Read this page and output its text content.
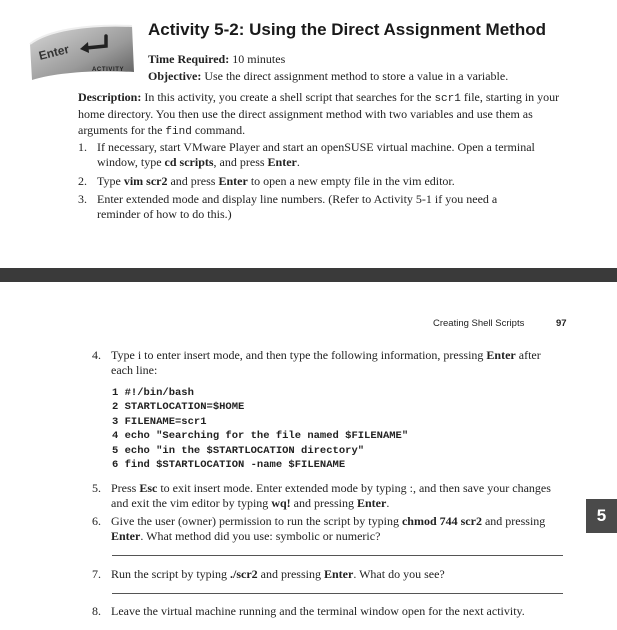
Enter
ACTIVITY
Activity 5-2: Using the Direct Assignment Method
Time Required: 10 minutes
Objective: Use the direct assignment method to store a value in a variable.

Description: In this activity, you create a shell script that searches for the scr1 file, starting in your home directory. You then use the direct assignment method with two variables and use them as arguments for the find command.

1. If necessary, start VMware Player and start an openSUSE virtual machine. Open a terminal window, type cd scripts, and press Enter.

2. Type vim scr2 and press Enter to open a new empty file in the vim editor.

3. Enter extended mode and display line numbers. (Refer to Activity 5-1 if you need a reminder of how to do this.)

Creating Shell Scripts	97
4. Type i to enter insert mode, and then type the following information, pressing Enter after each line:

1 #!/bin/bash
2 STARTLOCATION=$HOME
3 FILENAME=scr1
4 echo "Searching for the file named $FILENAME"
5 echo "in the $STARTLOCATION directory"
6 find $STARTLOCATION -name $FILENAME
5. Press Esc to exit insert mode. Enter extended mode by typing :, and then save your changes and exit the vim editor by typing wq! and pressing Enter.

6. Give the user (owner) permission to run the script by typing chmod 744 scr2 and pressing Enter. What method did you use: symbolic or numeric?

7. Run the script by typing ./scr2 and pressing Enter. What do you see?

8. Leave the virtual machine running and the terminal window open for the next activity.

5
